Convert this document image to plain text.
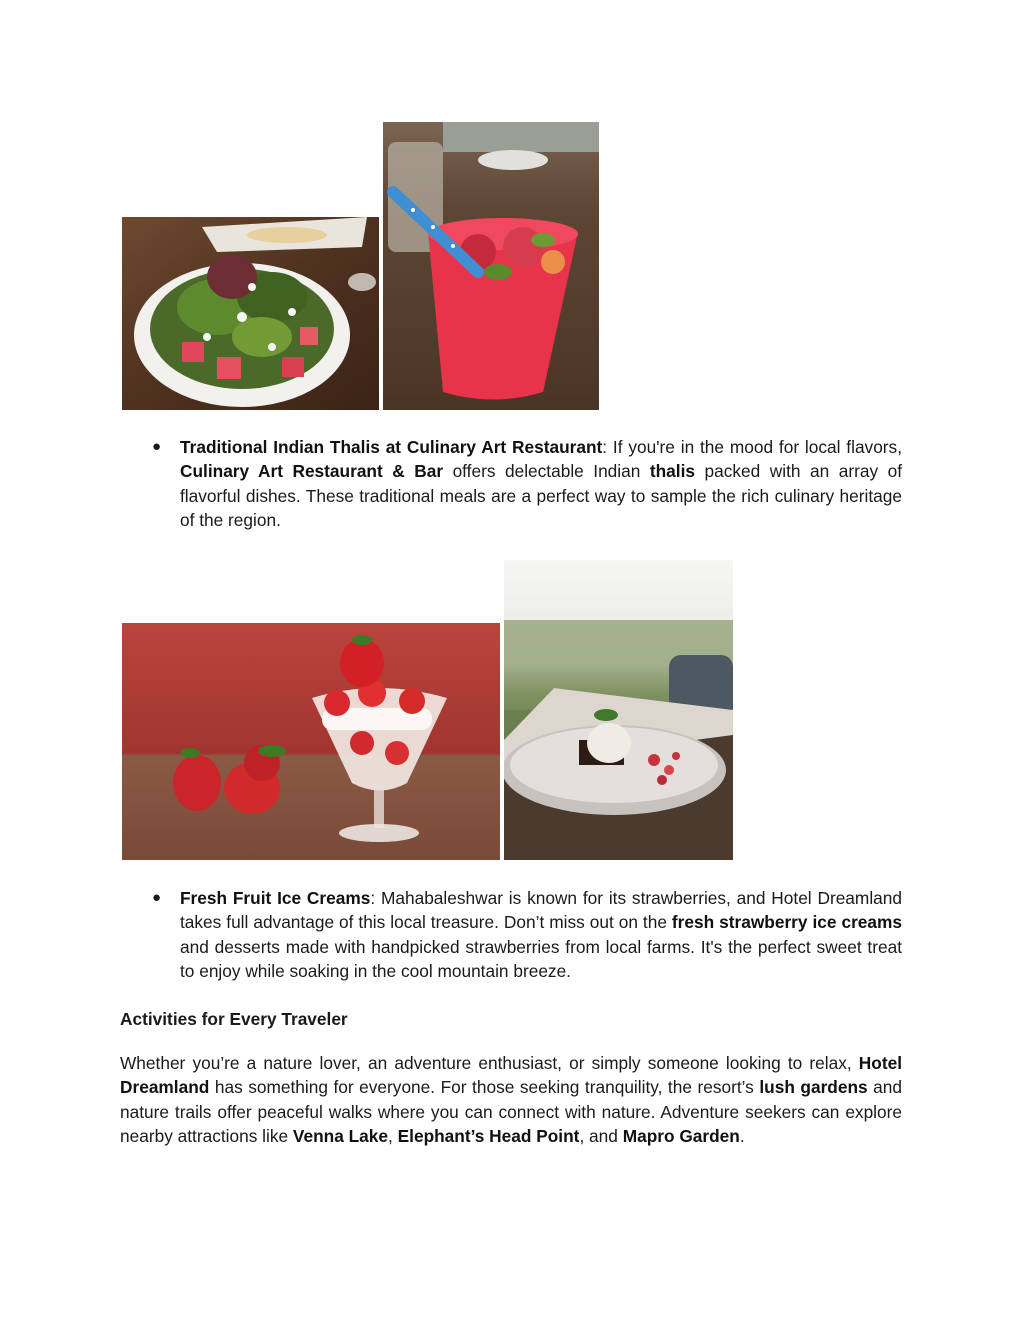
● Traditional Indian Thalis at Culinary Art Restaurant: If you're in the mood for local flavors, Culinary Art Restaurant & Bar offers delectable Indian thalis packed with an array of flavorful dishes. These traditional meals are a perfect way to sample the rich culinary heritage of the region.

● Fresh Fruit Ice Creams: Mahabaleshwar is known for its strawberries, and Hotel Dreamland takes full advantage of this local treasure. Don’t miss out on the fresh strawberry ice creams and desserts made with handpicked strawberries from local farms. It's the perfect sweet treat to enjoy while soaking in the cool mountain breeze.

Activities for Every Traveler

Whether you’re a nature lover, an adventure enthusiast, or simply someone looking to relax, Hotel Dreamland has something for everyone. For those seeking tranquility, the resort’s lush gardens and nature trails offer peaceful walks where you can connect with nature. Adventure seekers can explore nearby attractions like Venna Lake, Elephant’s Head Point, and Mapro Garden.
